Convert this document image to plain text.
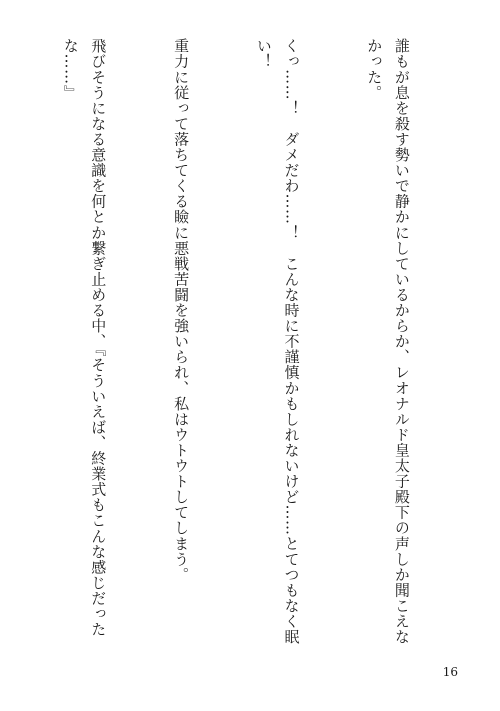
誰もが息を殺す勢いで静かにしているからか、レオナルド皇太子殿下の声しか聞こえなかった。

くっ……！　ダメだわ……！　こんな時に不謹慎かもしれないけど……とてつもなく眠い！

重力に従って落ちてくる瞼に悪戦苦闘を強いられ、私はウトウトしてしまう。

飛びそうになる意識を何とか繋ぎ止める中、『そういえば、終業式もこんな感じだったな……』

16
